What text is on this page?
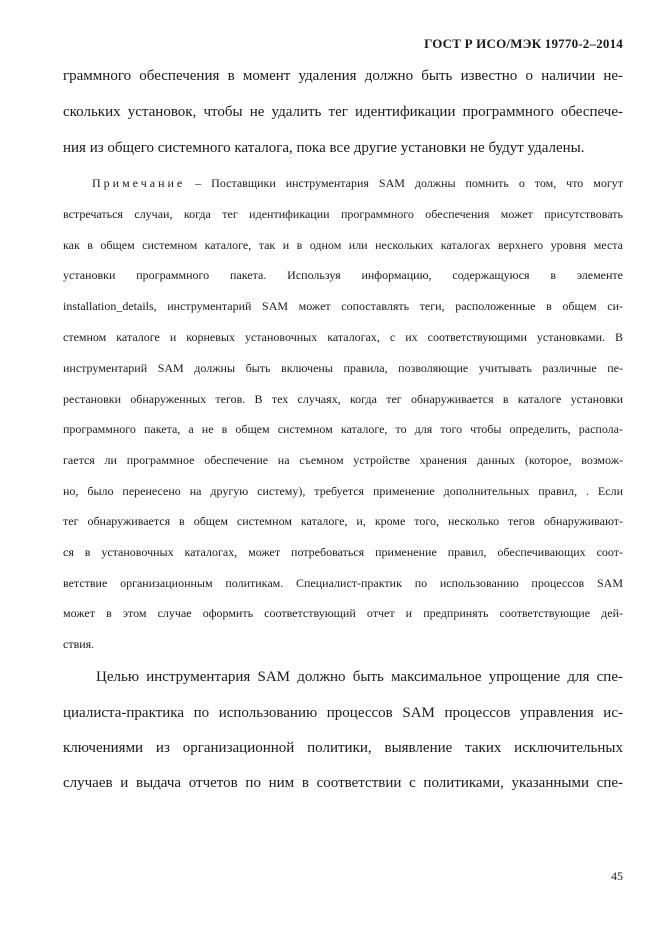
ГОСТ Р ИСО/МЭК 19770-2–2014
граммного обеспечения в момент удаления должно быть известно о наличии не-
скольких установок, чтобы не удалить тег идентификации программного обеспече-
ния из общего системного каталога, пока все другие установки не будут удалены.
Примечание – Поставщики инструментария SAM должны помнить о том, что могут
встречаться случаи, когда тег идентификации программного обеспечения может присутствовать
как в общем системном каталоге, так и в одном или нескольких каталогах верхнего уровня места
установки программного пакета. Используя информацию, содержащуюся в элементе
installation_details, инструментарий SAM может сопоставлять теги, расположенные в общем си-
стемном каталоге и корневых установочных каталогах, с их соответствующими установками. В
инструментарий SAM должны быть включены правила, позволяющие учитывать различные пе-
рестановки обнаруженных тегов. В тех случаях, когда тег обнаруживается в каталоге установки
программного пакета, а не в общем системном каталоге, то для того чтобы определить, распола-
гается ли программное обеспечение на съемном устройстве хранения данных (которое, возмож-
но, было перенесено на другую систему), требуется применение дополнительных правил, . Если
тег обнаруживается в общем системном каталоге, и, кроме того, несколько тегов обнаруживают-
ся в установочных каталогах, может потребоваться применение правил, обеспечивающих соот-
ветствие организационным политикам. Специалист-практик по использованию процессов SAM
может в этом случае оформить соответствующий отчет и предпринять соответствующие дей-
ствия.
Целью инструментария SAM должно быть максимальное упрощение для спе-
циалиста-практика по использованию процессов SAM процессов управления ис-
ключениями из организационной политики, выявление таких исключительных
случаев и выдача отчетов по ним в соответствии с политиками, указанными спе-
45
